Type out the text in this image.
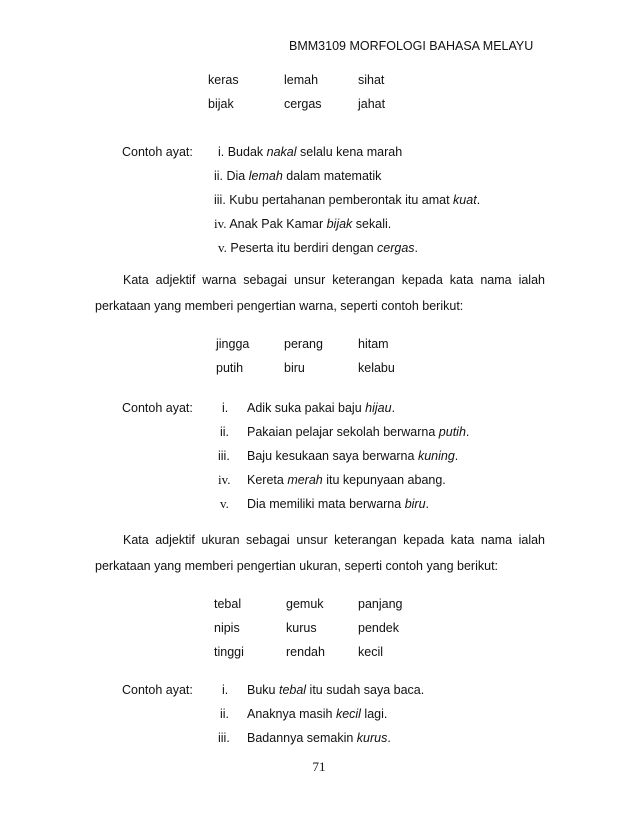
BMM3109 MORFOLOGI BAHASA MELAYU
keras	lemah	sihat
bijak	cergas	jahat
Contoh ayat: i. Budak nakal selalu kena marah
ii. Dia lemah dalam matematik
iii. Kubu pertahanan pemberontak itu amat kuat.
iv. Anak Pak Kamar bijak sekali.
v. Peserta itu berdiri dengan cergas.
Kata adjektif warna sebagai unsur keterangan kepada kata nama ialah perkataan yang memberi pengertian warna, seperti contoh berikut:
jingga	perang	hitam
putih	biru	kelabu
Contoh ayat: i. Adik suka pakai baju hijau.
ii. Pakaian pelajar sekolah berwarna putih.
iii. Baju kesukaan saya berwarna kuning.
iv. Kereta merah itu kepunyaan abang.
v. Dia memiliki mata berwarna biru.
Kata adjektif ukuran sebagai unsur keterangan kepada kata nama ialah perkataan yang memberi pengertian ukuran, seperti contoh yang berikut:
tebal	gemuk	panjang
nipis	kurus	pendek
tinggi	rendah	kecil
Contoh ayat: i. Buku tebal itu sudah saya baca.
ii. Anaknya masih kecil lagi.
iii. Badannya semakin kurus.
71
